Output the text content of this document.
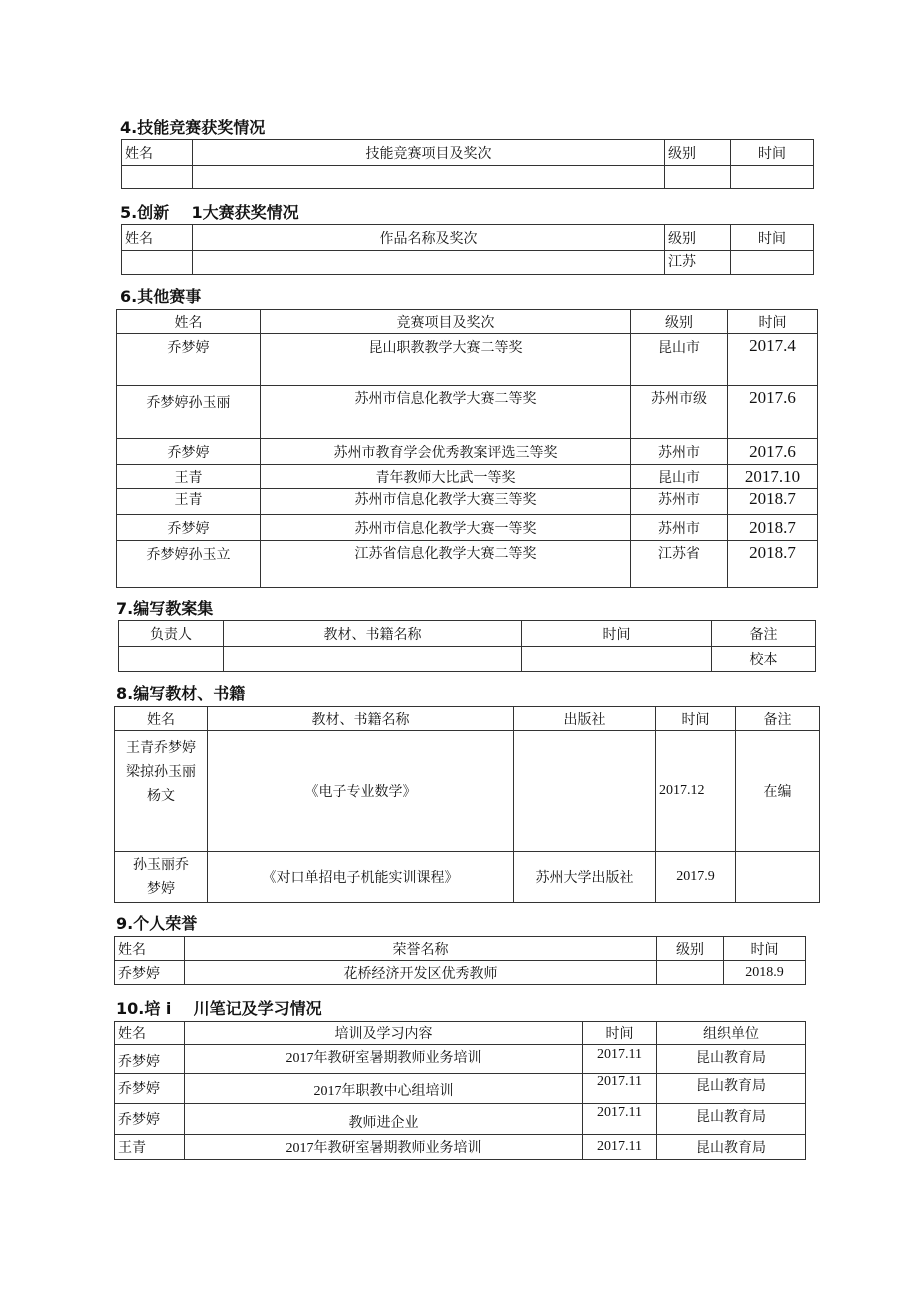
4.技能竞赛获奖情况
姓名	技能竞赛项目及奖次	级别	时间

5.创新    1大赛获奖情况
姓名	作品名称及奖次	级别	时间
		江苏	
6.其他赛事
姓名	竞赛项目及奖次	级别	时间
乔梦婷	昆山职教教学大赛二等奖	昆山市	2017.4
乔梦婷孙玉丽	苏州市信息化教学大赛二等奖	苏州市级	2017.6
乔梦婷	苏州市教育学会优秀教案评选三等奖	苏州市	2017.6
王青	青年教师大比武一等奖	昆山市	2017.10
王青	苏州市信息化教学大赛三等奖	苏州市	2018.7
乔梦婷	苏州市信息化教学大赛一等奖	苏州市	2018.7
乔梦婷孙玉立	江苏省信息化教学大赛二等奖	江苏省	2018.7
7.编写教案集
负责人	教材、书籍名称	时间	备注
			校本
8.编写教材、书籍
姓名	教材、书籍名称	出版社	时间	备注

王青乔梦婷
梁掠孙玉丽
杨文	《电子专业数学》		2017.12	在编

孙玉丽乔
梦婷	《对口单招电子机能实训课程》	苏州大学出版社	2017.9	
9.个人荣誉
姓名	荣誉名称	级别	时间
乔梦婷	花桥经济开发区优秀教师		2018.9
10.培 i    川笔记及学习情况
姓名	培训及学习内容	时间	组织单位
乔梦婷	2017年教研室暑期教师业务培训	2017.11	昆山教育局
乔梦婷	2017年职教中心组培训	2017.11	昆山教育局
乔梦婷	教师进企业	2017.11	昆山教育局
王青	2017年教研室暑期教师业务培训	2017.11	昆山教育局
